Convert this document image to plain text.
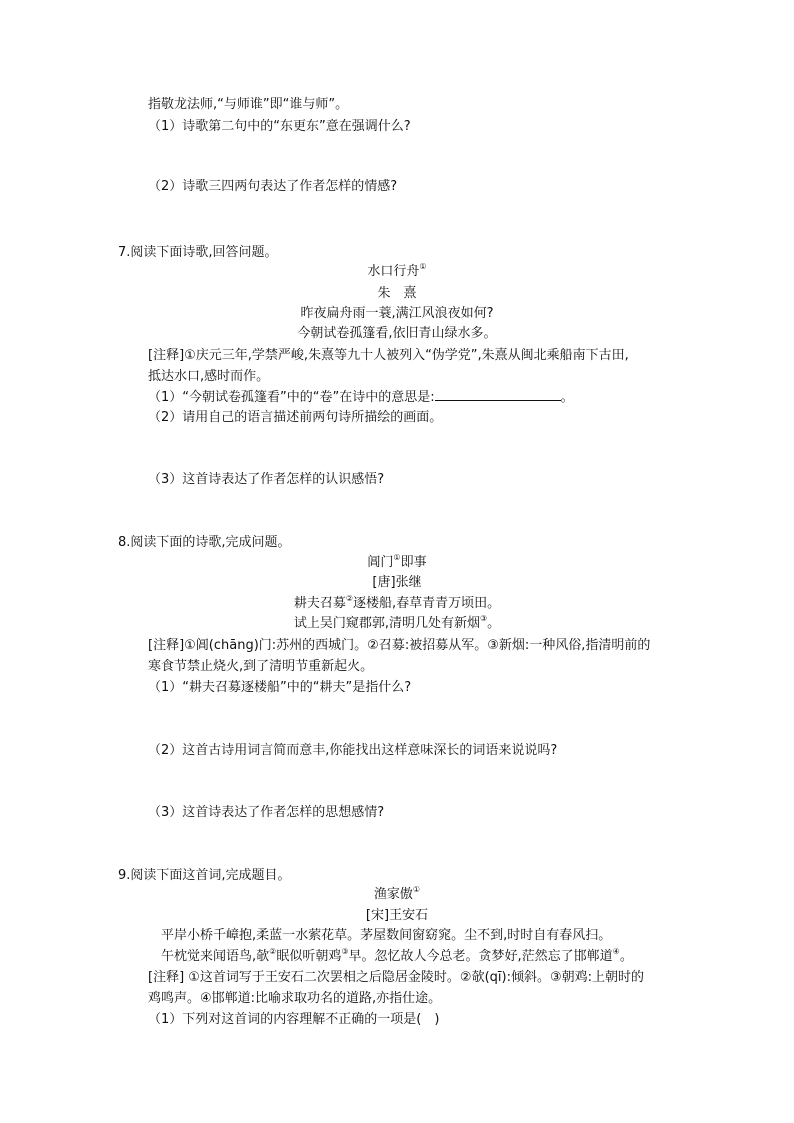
指敬龙法师,“与师谁”即“谁与师”。
（1）诗歌第二句中的“东更东”意在强调什么?
（2）诗歌三四两句表达了作者怎样的情感?
7.阅读下面诗歌,回答问题。
水口行舟①
朱　熹
昨夜扁舟雨一蓑,满江风浪夜如何?
今朝试卷孤篷看,依旧青山绿水多。
[注释]①庆元三年,学禁严峻,朱熹等九十人被列入“伪学党”,朱熹从闽北乘船南下古田,
抵达水口,感时而作。
（1）“今朝试卷孤篷看”中的“卷”在诗中的意思是:	。
（2）请用自己的语言描述前两句诗所描绘的画面。
（3）这首诗表达了作者怎样的认识感悟?
8.阅读下面的诗歌,完成问题。
阊门①即事
[唐]张继
耕夫召募②逐楼船,春草青青万顷田。
试上吴门窥郡郭,清明几处有新烟③。
[注释]①阊(chāng)门:苏州的西城门。②召募:被招募从军。③新烟:一种风俗,指清明前的
寒食节禁止烧火,到了清明节重新起火。
（1）“耕夫召募逐楼船”中的“耕夫”是指什么?
（2）这首古诗用词言简而意丰,你能找出这样意味深长的词语来说说吗?
（3）这首诗表达了作者怎样的思想感情?
9.阅读下面这首词,完成题目。
渔家傲①
[宋]王安石
平岸小桥千嶂抱,柔蓝一水萦花草。茅屋数间窗窈窕。尘不到,时时自有春风扫。
午枕觉来闻语鸟,欹②眠似听朝鸡③早。忽忆故人今总老。贪梦好,茫然忘了邯郸道④。
[注释] ①这首词写于王安石二次罢相之后隐居金陵时。②欹(qī):倾斜。③朝鸡:上朝时的
鸡鸣声。④邯郸道:比喻求取功名的道路,亦指仕途。
（1）下列对这首词的内容理解不正确的一项是(　)
